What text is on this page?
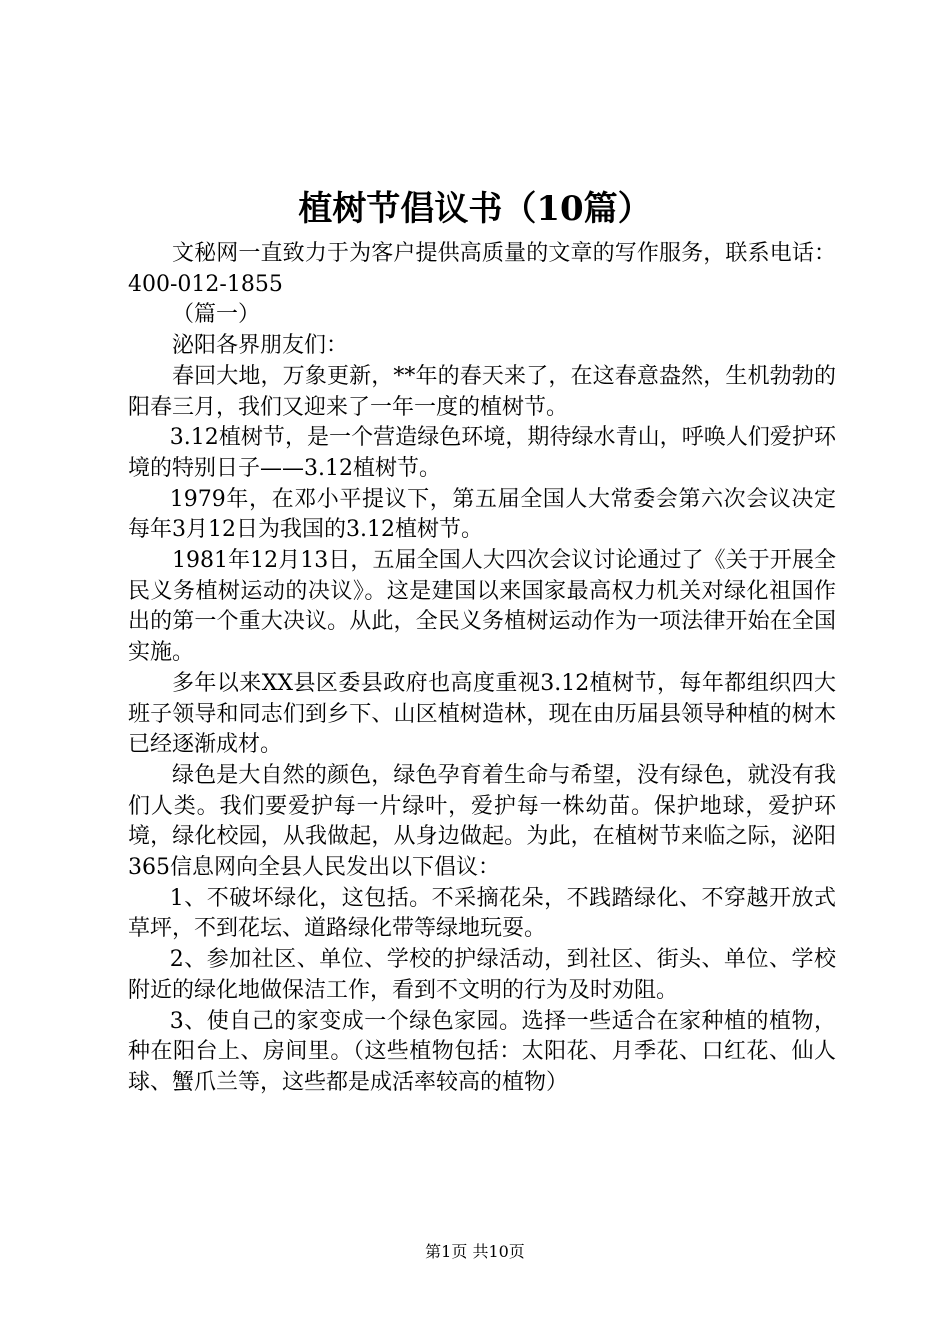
植树节倡议书（10篇）

文秘网一直致力于为客户提供高质量的文章的写作服务，联系电话：400-012-1855

（篇一）

泌阳各界朋友们：

春回大地，万象更新，**年的春天来了，在这春意盎然，生机勃勃的阳春三月，我们又迎来了一年一度的植树节。

3.12植树节，是一个营造绿色环境，期待绿水青山，呼唤人们爱护环境的特别日子——3.12植树节。

1979年，在邓小平提议下，第五届全国人大常委会第六次会议决定每年3月12日为我国的3.12植树节。

1981年12月13日，五届全国人大四次会议讨论通过了《关于开展全民义务植树运动的决议》。这是建国以来国家最高权力机关对绿化祖国作出的第一个重大决议。从此，全民义务植树运动作为一项法律开始在全国实施。

多年以来XX县区委县政府也高度重视3.12植树节，每年都组织四大班子领导和同志们到乡下、山区植树造林，现在由历届县领导种植的树木已经逐渐成材。

绿色是大自然的颜色，绿色孕育着生命与希望，没有绿色，就没有我们人类。我们要爱护每一片绿叶，爱护每一株幼苗。保护地球，爱护环境，绿化校园，从我做起，从身边做起。为此，在植树节来临之际，泌阳365信息网向全县人民发出以下倡议：

1、不破坏绿化，这包括。不采摘花朵，不践踏绿化、不穿越开放式草坪，不到花坛、道路绿化带等绿地玩耍。

2、参加社区、单位、学校的护绿活动，到社区、街头、单位、学校附近的绿化地做保洁工作，看到不文明的行为及时劝阻。

3、使自己的家变成一个绿色家园。选择一些适合在家种植的植物，种在阳台上、房间里。（这些植物包括：太阳花、月季花、口红花、仙人球、蟹爪兰等，这些都是成活率较高的植物）

第1页 共10页
